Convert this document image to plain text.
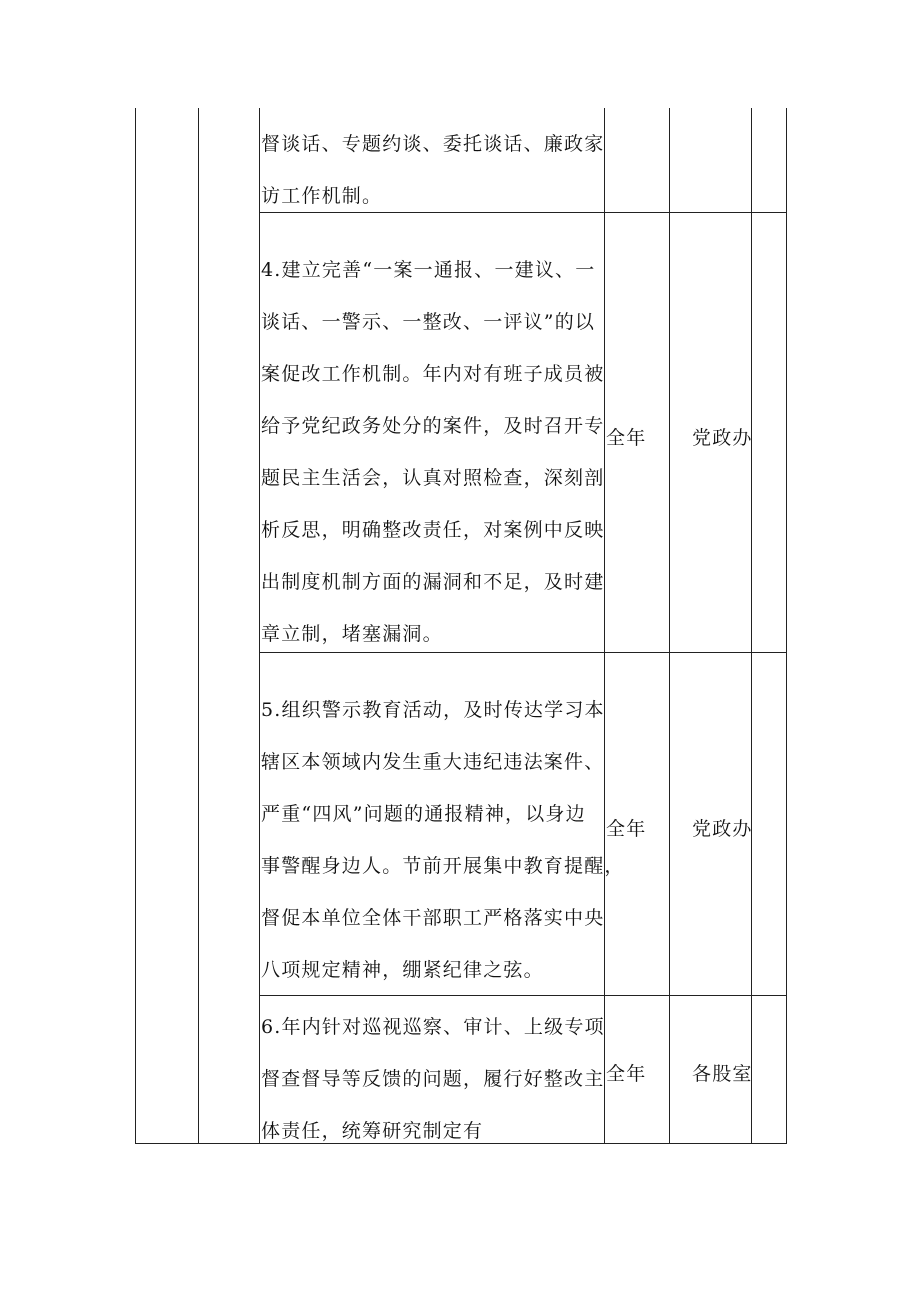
督谈话、专题约谈、委托谈话、廉政家
访工作机制。
4.建立完善“一案一通报、一建议、一
谈话、一警示、一整改、一评议”的以
案促改工作机制。年内对有班子成员被
给予党纪政务处分的案件，及时召开专
题民主生活会，认真对照检查，深刻剖
析反思，明确整改责任，对案例中反映
出制度机制方面的漏洞和不足，及时建
章立制，堵塞漏洞。
全年 党政办
5.组织警示教育活动，及时传达学习本
辖区本领域内发生重大违纪违法案件、
严重“四风”问题的通报精神，以身边
事警醒身边人。节前开展集中教育提醒，
督促本单位全体干部职工严格落实中央
八项规定精神，绷紧纪律之弦。
全年 党政办
6.年内针对巡视巡察、审计、上级专项
督查督导等反馈的问题，履行好整改主
体责任，统筹研究制定有
全年 各股室
